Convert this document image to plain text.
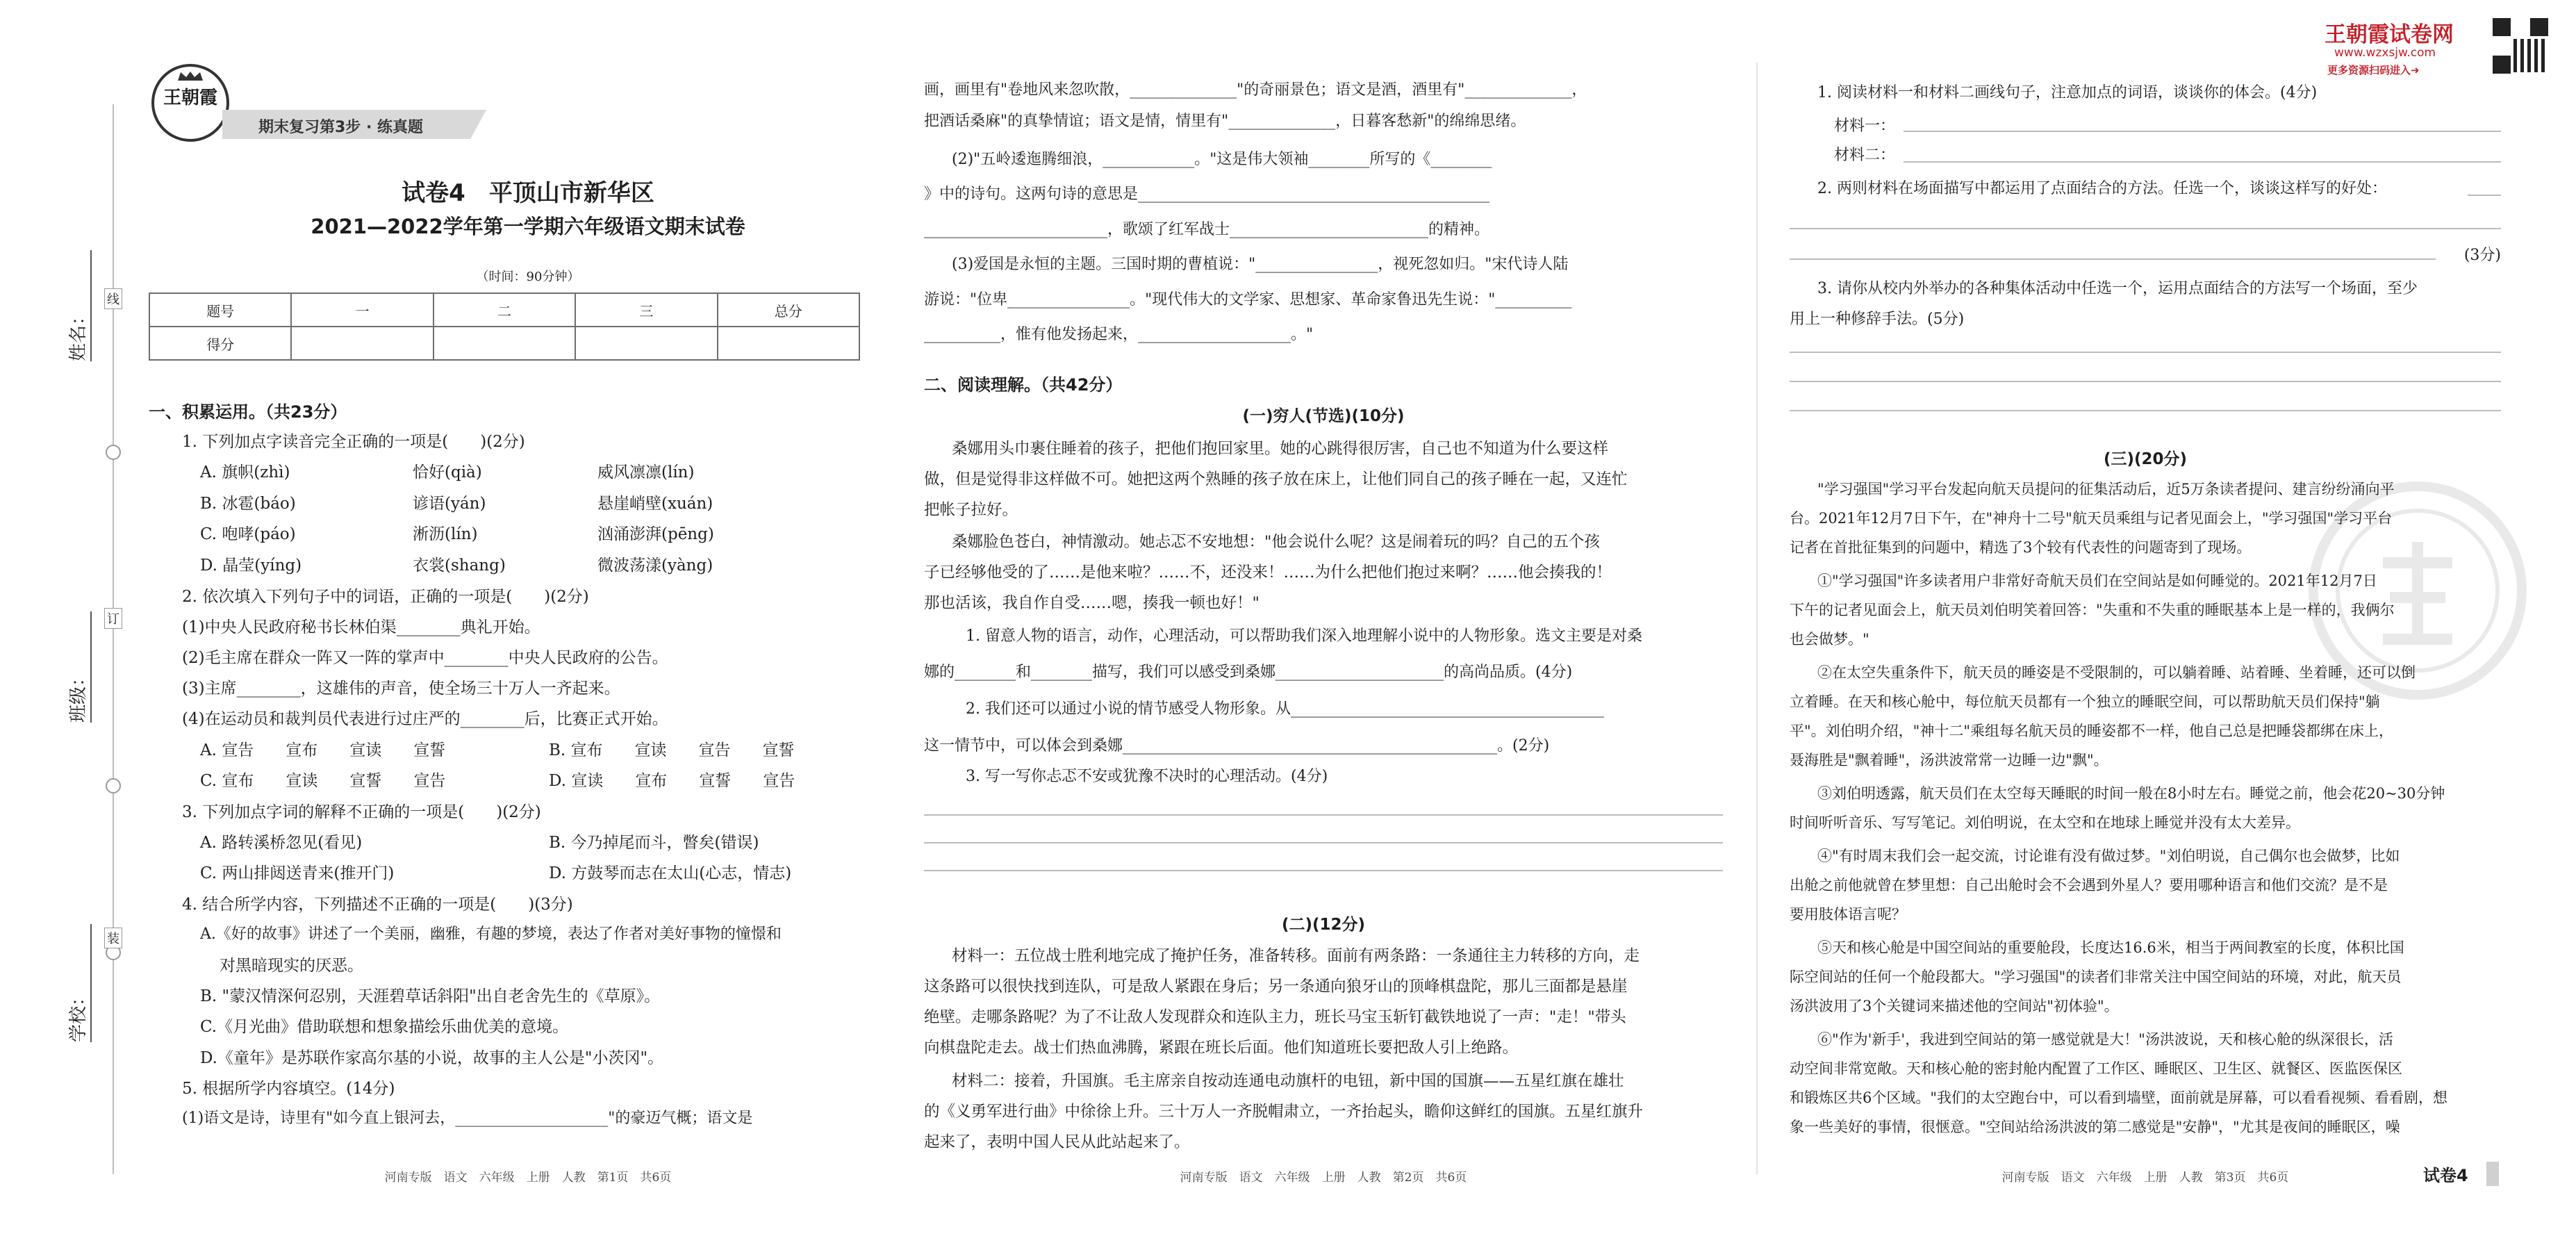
线
订
装
姓名：
班级：
学校：
王朝霞
期末复习第3步 · 练真题
试卷4　平顶山市新华区
2021—2022学年第一学期六年级语文期末试卷
（时间：90分钟）
题号	一	二	三	总分
得分				
一、积累运用。（共23分）
1. 下列加点字读音完全正确的一项是(　　)(2分)
A. 旗帜(zhì)	恰好(qià)	威风凛凛(lín)
B. 冰雹(báo)	谚语(yán)	悬崖峭壁(xuán)
C. 咆哮(páo)	淅沥(lín)	汹涌澎湃(pēng)
D. 晶莹(yíng)	衣裳(shang)	微波荡漾(yàng)
2. 依次填入下列句子中的词语，正确的一项是(　　)(2分)
(1)中央人民政府秘书长林伯渠________典礼开始。
(2)毛主席在群众一阵又一阵的掌声中________中央人民政府的公告。
(3)主席________，这雄伟的声音，使全场三十万人一齐起来。
(4)在运动员和裁判员代表进行过庄严的________后，比赛正式开始。
A. 宣告　　宣布　　宣读　　宣誓	B. 宣布　　宣读　　宣告　　宣誓
C. 宣布　　宣读　　宣誓　　宣告	D. 宣读　　宣布　　宣誓　　宣告
3. 下列加点字词的解释不正确的一项是(　　)(2分)
A. 路转溪桥忽见(看见)	B. 今乃掉尾而斗，瞥矣(错误)
C. 两山排闼送青来(推开门)	D. 方鼓琴而志在太山(心志，情志)
4. 结合所学内容，下列描述不正确的一项是(　　)(3分)
A.《好的故事》讲述了一个美丽，幽雅，有趣的梦境，表达了作者对美好事物的憧憬和
对黑暗现实的厌恶。
B. "蒙汉情深何忍别，天涯碧草话斜阳"出自老舍先生的《草原》。
C.《月光曲》借助联想和想象描绘乐曲优美的意境。
D.《童年》是苏联作家高尔基的小说，故事的主人公是"小茨冈"。
5. 根据所学内容填空。(14分)
(1)语文是诗，诗里有"如今直上银河去，____________________"的豪迈气概；语文是
河南专版　语文　六年级　上册　人教　第1页　共6页
画，画里有"卷地风来忽吹散，______________"的奇丽景色；语文是酒，酒里有"______________，
把酒话桑麻"的真挚情谊；语文是情，情里有"______________，日暮客愁新"的绵绵思绪。
(2)"五岭逶迤腾细浪，____________。"这是伟大领袖________所写的《________
》中的诗句。这两句诗的意思是______________________________________________
________________________，歌颂了红军战士__________________________的精神。
(3)爱国是永恒的主题。三国时期的曹植说："________________，视死忽如归。"宋代诗人陆
游说："位卑________________。"现代伟大的文学家、思想家、革命家鲁迅先生说："__________
__________，惟有他发扬起来，____________________。"
二、阅读理解。（共42分）
(一)穷人(节选)(10分)
桑娜用头巾裹住睡着的孩子，把他们抱回家里。她的心跳得很厉害，自己也不知道为什么要这样
做，但是觉得非这样做不可。她把这两个熟睡的孩子放在床上，让他们同自己的孩子睡在一起，又连忙
把帐子拉好。
桑娜脸色苍白，神情激动。她忐忑不安地想："他会说什么呢？这是闹着玩的吗？自己的五个孩
子已经够他受的了……是他来啦？……不，还没来！……为什么把他们抱过来啊？……他会揍我的！
那也活该，我自作自受……嗯，揍我一顿也好！"
1. 留意人物的语言，动作，心理活动，可以帮助我们深入地理解小说中的人物形象。选文主要是对桑
娜的________和________描写，我们可以感受到桑娜______________________的高尚品质。(4分)
2. 我们还可以通过小说的情节感受人物形象。从_________________________________________
这一情节中，可以体会到桑娜_________________________________________________。(2分)
3. 写一写你忐忑不安或犹豫不决时的心理活动。(4分)
(二)(12分)
材料一：五位战士胜利地完成了掩护任务，准备转移。面前有两条路：一条通往主力转移的方向，走
这条路可以很快找到连队，可是敌人紧跟在身后；另一条通向狼牙山的顶峰棋盘陀，那儿三面都是悬崖
绝壁。走哪条路呢？为了不让敌人发现群众和连队主力，班长马宝玉斩钉截铁地说了一声："走！"带头
向棋盘陀走去。战士们热血沸腾，紧跟在班长后面。他们知道班长要把敌人引上绝路。
材料二：接着，升国旗。毛主席亲自按动连通电动旗杆的电钮，新中国的国旗——五星红旗在雄壮
的《义勇军进行曲》中徐徐上升。三十万人一齐脱帽肃立，一齐抬起头，瞻仰这鲜红的国旗。五星红旗升
起来了，表明中国人民从此站起来了。
河南专版　语文　六年级　上册　人教　第2页　共6页
王朝霞试卷网
www.wzxsjw.com
更多资源扫码进入➜
1. 阅读材料一和材料二画线句子，注意加点的词语，谈谈你的体会。(4分)
材料一：
材料二：
2. 两则材料在场面描写中都运用了点面结合的方法。任选一个，谈谈这样写的好处：
(3分)
3. 请你从校内外举办的各种集体活动中任选一个，运用点面结合的方法写一个场面，至少
用上一种修辞手法。(5分)
(三)(20分)
"学习强国"学习平台发起向航天员提问的征集活动后，近5万条读者提问、建言纷纷涌向平
台。2021年12月7日下午，在"神舟十二号"航天员乘组与记者见面会上，"学习强国"学习平台
记者在首批征集到的问题中，精选了3个较有代表性的问题寄到了现场。
①"学习强国"许多读者用户非常好奇航天员们在空间站是如何睡觉的。2021年12月7日
下午的记者见面会上，航天员刘伯明笑着回答："失重和不失重的睡眠基本上是一样的，我俩尔
也会做梦。"
②在太空失重条件下，航天员的睡姿是不受限制的，可以躺着睡、站着睡、坐着睡，还可以倒
立着睡。在天和核心舱中，每位航天员都有一个独立的睡眠空间，可以帮助航天员们保持"躺
平"。刘伯明介绍，"神十二"乘组每名航天员的睡姿都不一样，他自己总是把睡袋都绑在床上，
聂海胜是"飘着睡"，汤洪波常常一边睡一边"飘"。
③刘伯明透露，航天员们在太空每天睡眠的时间一般在8小时左右。睡觉之前，他会花20~30分钟
时间听听音乐、写写笔记。刘伯明说，在太空和在地球上睡觉并没有太大差异。
④"有时周末我们会一起交流，讨论谁有没有做过梦。"刘伯明说，自己偶尔也会做梦，比如
出舱之前他就曾在梦里想：自己出舱时会不会遇到外星人？要用哪种语言和他们交流？是不是
要用肢体语言呢？
⑤天和核心舱是中国空间站的重要舱段，长度达16.6米，相当于两间教室的长度，体积比国
际空间站的任何一个舱段都大。"学习强国"的读者们非常关注中国空间站的环境，对此，航天员
汤洪波用了3个关键词来描述他的空间站"初体验"。
⑥"作为'新手'，我进到空间站的第一感觉就是大！"汤洪波说，天和核心舱的纵深很长，活
动空间非常宽敞。天和核心舱的密封舱内配置了工作区、睡眠区、卫生区、就餐区、医监医保区
和锻炼区共6个区域。"我们的太空跑台中，可以看到墙壁，面前就是屏幕，可以看看视频、看看剧，想
象一些美好的事情，很惬意。"空间站给汤洪波的第二感觉是"安静"，"尤其是夜间的睡眠区，噪
河南专版　语文　六年级　上册　人教　第3页　共6页	试卷4
